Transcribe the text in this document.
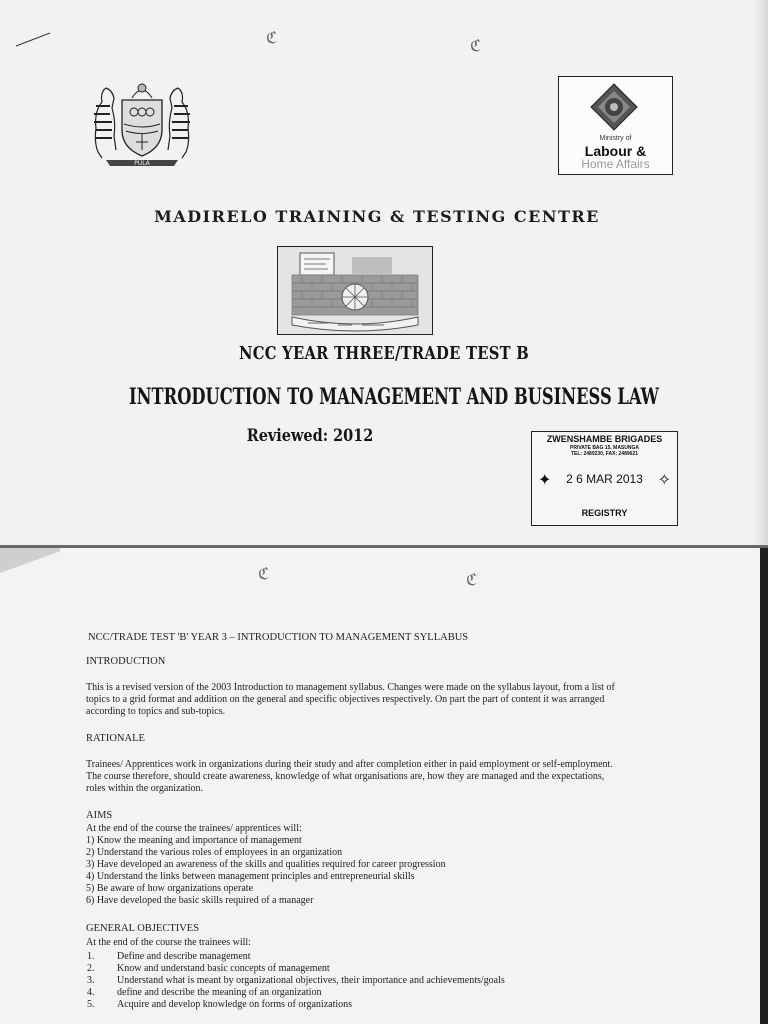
ℭ	ℭ
PULA
Ministry of
Labour &
Home Affairs
MADIRELO TRAINING & TESTING CENTRE
NCC YEAR THREE/TRADE TEST B
INTRODUCTION TO MANAGEMENT AND BUSINESS LAW
Reviewed: 2012	ZWENSHAMBE BRIGADES
PRIVATE BAG 15, MASUNGA
TEL: 2489230, FAX: 2489621
✦	2 6 MAR 2013 ✧
REGISTRY
ℭ	ℭ
NCC/TRADE TEST 'B' YEAR 3 – INTRODUCTION TO MANAGEMENT SYLLABUS
INTRODUCTION
This is a revised version of the 2003 Introduction to management syllabus. Changes were made on the syllabus layout, from a list of
topics to a grid format and addition on the general and specific objectives respectively. On part the part of content it was arranged
according to topics and sub-topics.
RATIONALE
Trainees/ Apprentices work in organizations during their study and after completion either in paid employment or self-employment.
The course therefore, should create awareness, knowledge of what organisations are, how they are managed and the expectations,
roles within the organization.
AIMS
At the end of the course the trainees/ apprentices will:
1) Know the meaning and importance of management
2) Understand the various roles of employees in an organization
3) Have developed an awareness of the skills and qualities required for career progression
4) Understand the links between management principles and entrepreneurial skills
5) Be aware of how organizations operate
6) Have developed the basic skills required of a manager
GENERAL OBJECTIVES
At the end of the course the trainees will:
1.	Define and describe management
2.	Know and understand basic concepts of management
3.	Understand what is meant by organizational objectives, their importance and achievements/goals
4.	define and describe the meaning of an organization
5.	Acquire and develop knowledge on forms of organizations
